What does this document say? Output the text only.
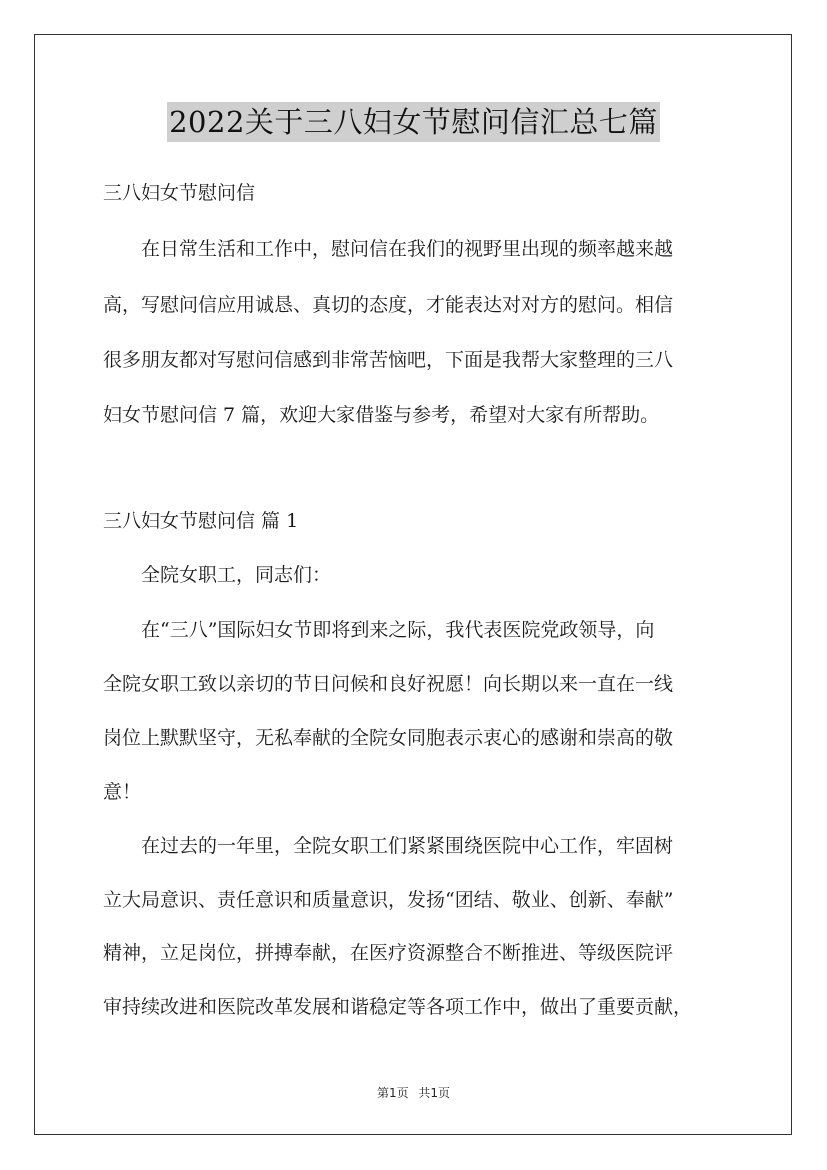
2022关于三八妇女节慰问信汇总七篇
三八妇女节慰问信
在日常生活和工作中，慰问信在我们的视野里出现的频率越来越
高，写慰问信应用诚恳、真切的态度，才能表达对对方的慰问。相信
很多朋友都对写慰问信感到非常苦恼吧，下面是我帮大家整理的三八
妇女节慰问信 7 篇，欢迎大家借鉴与参考，希望对大家有所帮助。
三八妇女节慰问信 篇 1
全院女职工，同志们：
在“三八”国际妇女节即将到来之际，我代表医院党政领导，向
全院女职工致以亲切的节日问候和良好祝愿！向长期以来一直在一线
岗位上默默坚守，无私奉献的全院女同胞表示衷心的感谢和崇高的敬
意！
在过去的一年里，全院女职工们紧紧围绕医院中心工作，牢固树
立大局意识、责任意识和质量意识，发扬“团结、敬业、创新、奉献”
精神，立足岗位，拼搏奉献，在医疗资源整合不断推进、等级医院评
审持续改进和医院改革发展和谐稳定等各项工作中，做出了重要贡献，
第1页 共1页
